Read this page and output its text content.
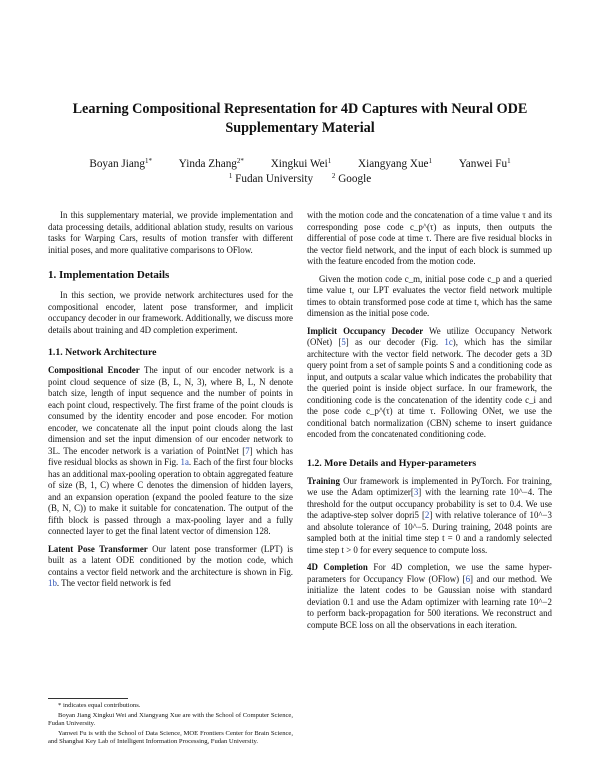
Learning Compositional Representation for 4D Captures with Neural ODE Supplementary Material
Boyan Jiang$^{1*}$ Yinda Zhang$^{2*}$ Xingkui Wei$^1$ Xiangyang Xue$^1$ Yanwei Fu$^1$
$^1$ Fudan University	$^2$ Google

In this supplementary material, we provide implementation and data processing details, additional ablation study, results on various tasks for Warping Cars, results of motion transfer with different initial poses, and more qualitative comparisons to OFlow.

1. Implementation Details

In this section, we provide network architectures used for the compositional encoder, latent pose transformer, and implicit occupancy decoder in our framework. Additionally, we discuss more details about training and 4D completion experiment.

1.1. Network Architecture

Compositional Encoder The input of our encoder network is a point cloud sequence of size (B, L, N, 3), where B, L, N denote batch size, length of input sequence and the number of points in each point cloud, respectively. The first frame of the point clouds is consumed by the identity encoder and pose encoder. For motion encoder, we concatenate all the input point clouds along the last dimension and set the input dimension of our encoder network to 3L. The encoder network is a variation of PointNet [7] which has five residual blocks as shown in Fig. 1a. Each of the first four blocks has an additional max-pooling operation to obtain aggregated feature of size (B, 1, C) where C denotes the dimension of hidden layers, and an expansion operation (expand the pooled feature to the size (B, N, C)) to make it suitable for concatenation. The output of the fifth block is passed through a max-pooling layer and a fully connected layer to get the final latent vector of dimension 128.

Latent Pose Transformer Our latent pose transformer (LPT) is built as a latent ODE conditioned by the motion code, which contains a vector field network and the architecture is shown in Fig. 1b. The vector field network is fed

* indicates equal contributions.

Boyan Jiang Xingkui Wei and Xiangyang Xue are with the School of Computer Science, Fudan University.

Yanwei Fu is with the School of Data Science, MOE Frontiers Center for Brain Science, and Shanghai Key Lab of Intelligent Information Processing, Fudan University.

with the motion code and the concatenation of a time value τ and its corresponding pose code c_p^(τ) as inputs, then outputs the differential of pose code at time τ. There are five residual blocks in the vector field network, and the input of each block is summed up with the feature encoded from the motion code.

Given the motion code c_m, initial pose code c_p and a queried time value t, our LPT evaluates the vector field network multiple times to obtain transformed pose code at time t, which has the same dimension as the initial pose code.

Implicit Occupancy Decoder We utilize Occupancy Network (ONet) [5] as our decoder (Fig. 1c), which has the similar architecture with the vector field network. The decoder gets a 3D query point from a set of sample points S and a conditioning code as input, and outputs a scalar value which indicates the probability that the queried point is inside object surface. In our framework, the conditioning code is the concatenation of the identity code c_i and the pose code c_p^(τ) at time τ. Following ONet, we use the conditional batch normalization (CBN) scheme to insert guidance encoded from the concatenated conditioning code.

1.2. More Details and Hyper-parameters

Training Our framework is implemented in PyTorch. For training, we use the Adam optimizer[3] with the learning rate 10^−4. The threshold for the output occupancy probability is set to 0.4. We use the adaptive-step solver dopri5 [2] with relative tolerance of 10^−3 and absolute tolerance of 10^−5. During training, 2048 points are sampled both at the initial time step t = 0 and a randomly selected time step t > 0 for every sequence to compute loss.

4D Completion For 4D completion, we use the same hyper-parameters for Occupancy Flow (OFlow) [6] and our method. We initialize the latent codes to be Gaussian noise with standard deviation 0.1 and use the Adam optimizer with learning rate 10^−2 to perform back-propagation for 500 iterations. We reconstruct and compute BCE loss on all the observations in each iteration.
